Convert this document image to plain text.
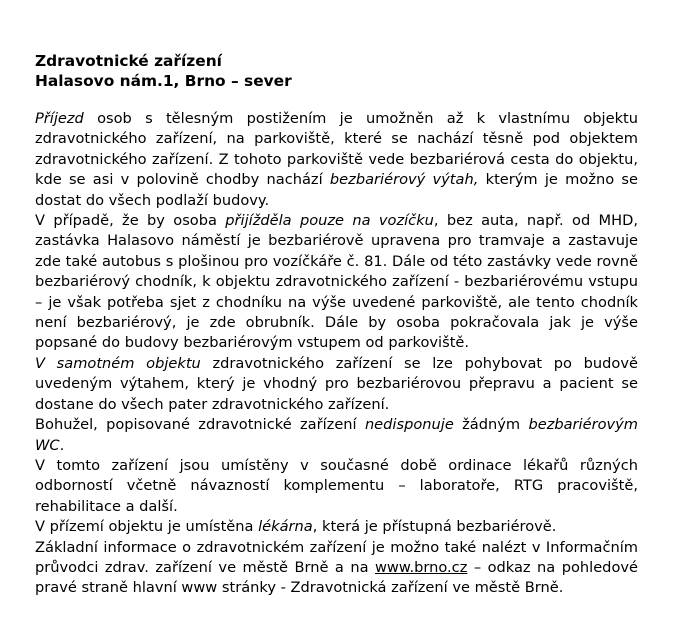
Zdravotnické zařízení
Halasovo nám.1, Brno – sever

Příjezd osob s tělesným postižením je umožněn až k vlastnímu objektu zdravotnického zařízení, na parkoviště, které se nachází těsně pod objektem zdravotnického zařízení. Z tohoto parkoviště vede bezbariérová cesta do objektu, kde se asi v polovině chodby nachází bezbariérový výtah, kterým je možno se dostat do všech podlaží budovy.

V případě, že by osoba přijížděla pouze na vozíčku, bez auta, např. od MHD, zastávka Halasovo náměstí je bezbariérově upravena pro tramvaje a zastavuje zde také autobus s plošinou pro vozíčkáře č. 81. Dále od této zastávky vede rovně bezbariérový chodník, k objektu zdravotnického zařízení - bezbariérovému vstupu – je však potřeba sjet z chodníku na výše uvedené parkoviště, ale tento chodník není bezbariérový, je zde obrubník. Dále by osoba pokračovala jak je výše popsané do budovy bezbariérovým vstupem od parkoviště.

V samotném objektu zdravotnického zařízení se lze pohybovat po budově uvedeným výtahem, který je vhodný pro bezbariérovou přepravu a pacient se dostane do všech pater zdravotnického zařízení.

Bohužel, popisované zdravotnické zařízení nedisponuje žádným bezbariérovým WC.

V tomto zařízení jsou umístěny v současné době ordinace lékařů různých odborností včetně návazností komplementu – laboratoře, RTG pracoviště, rehabilitace a další.

V přízemí objektu je umístěna lékárna, která je přístupná bezbariérově.

Základní informace o zdravotnickém zařízení je možno také nalézt v Informačním průvodci zdrav. zařízení ve městě Brně a na www.brno.cz – odkaz na pohledové pravé straně hlavní www stránky - Zdravotnická zařízení ve městě Brně.
